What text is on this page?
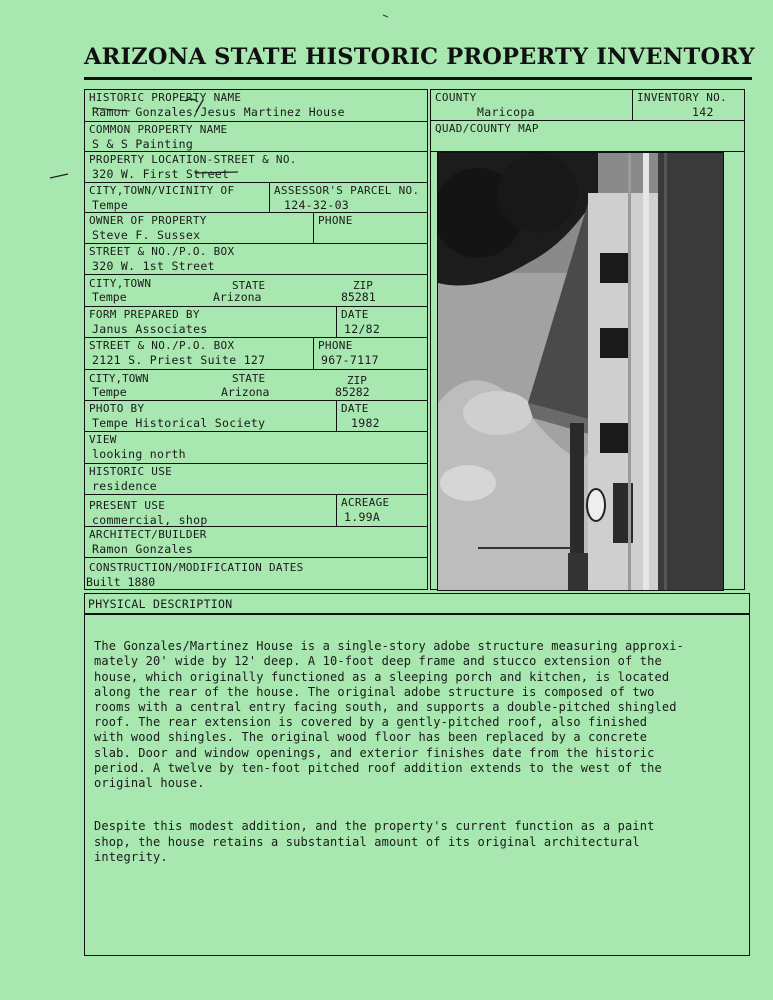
ARIZONA STATE HISTORIC PROPERTY INVENTORY
HISTORIC PROPERTY NAME
Ramon Gonzales/Jesus Martinez House
COMMON PROPERTY NAME
S & S Painting
PROPERTY LOCATION-STREET & NO.
320 W. First Street
CITY,TOWN/VICINITY OF
Tempe
ASSESSOR'S PARCEL NO.
124-32-03
OWNER OF PROPERTY
Steve F. Sussex
PHONE
STREET & NO./P.O. BOX
320 W. 1st Street
CITY,TOWN	STATE	ZIP
Tempe	Arizona	85281
FORM PREPARED BY
Janus Associates
DATE
12/82
STREET & NO./P.O. BOX
2121 S. Priest Suite 127
PHONE
967-7117
CITY,TOWN	STATE	ZIP
Tempe	Arizona	85282
PHOTO BY
Tempe Historical Society
DATE
1982
VIEW
looking north
HISTORIC USE
residence
PRESENT USE
commercial, shop
ACREAGE
1.99A
ARCHITECT/BUILDER
Ramon Gonzales
CONSTRUCTION/MODIFICATION DATES
Built 1880
COUNTY
Maricopa
INVENTORY NO.
142
QUAD/COUNTY MAP
PHYSICAL DESCRIPTION

The Gonzales/Martinez House is a single-story adobe structure measuring approxi-
mately 20' wide by 12' deep. A 10-foot deep frame and stucco extension of the
house, which originally functioned as a sleeping porch and kitchen, is located
along the rear of the house. The original adobe structure is composed of two
rooms with a central entry facing south, and supports a double-pitched shingled
roof. The rear extension is covered by a gently-pitched roof, also finished
with wood shingles. The original wood floor has been replaced by a concrete
slab. Door and window openings, and exterior finishes date from the historic
period. A twelve by ten-foot pitched roof addition extends to the west of the
original house.

Despite this modest addition, and the property's current function as a paint
shop, the house retains a substantial amount of its original architectural
integrity.
